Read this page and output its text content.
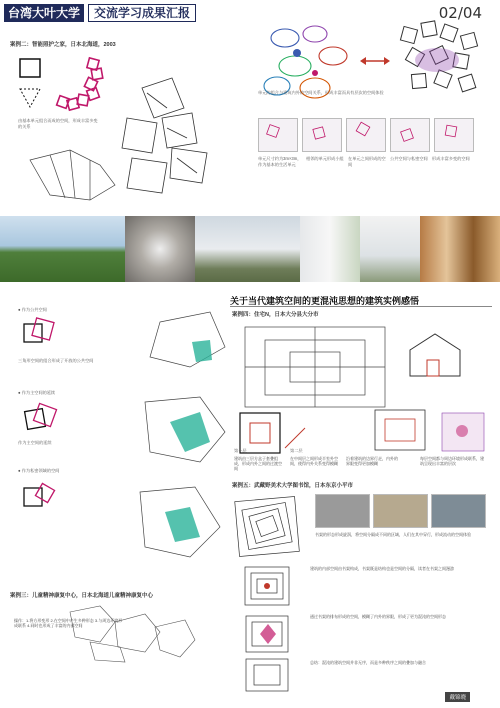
台湾大叶大学	交流学习成果汇报	02/04
案例二：智能照护之家，日本北海道，2003
由基本单元组合而成的空间，形成丰富多变的关系
单元的组合与建筑内外的空间关系，形成丰富而具有层次的空间体验
单元尺寸约为3m×3m，作为基本的生活单元
相邻的单元形成小组	在单元之间形成的空间
公共空间与私密空间	形成丰富多变的空间
关于当代建筑空间的更混沌思想的建筑实例感悟
● 作为公共空间
三角形空间的组合形成了开放的公共空间
● 作为主空间的延续
作为主空间的延续
● 作为私密领域的空间
案例三：儿童精神康复中心，日本北海道儿童精神康复中心
操作：1.将方形变形 2.在空间中产生多种形态 3.与周边环境形成联系 4.同时也形成了丰富的内部空间
案例四：住宅N，日本大分县大分市
第一层	第二层
建筑由三层方盒子套叠组成，形成内外之间的过渡空间
在中间层之间形成半室外空间，使得内外关系变得模糊
沿着建筑的边界行走，内外的界限变得更加模糊
每层空间都与周边环境形成联系，建筑呈现出丰富的层次
案例五：武藏野美术大学图书馆，日本东京小平市
书架的形态形成旋涡，将空间分隔成不同的区域，人们在其中穿行，形成流动的空间体验
建筑的内部空间由书架构成，书架既是结构也是空间的分隔，读者在书架之间漫游
通过书架的排布形成的空间，模糊了内外的界限，形成了更为混沌的空间形态
总结：混沌的建筑空间并非无序，而是多种秩序之间的叠加与融合
戴锦晓
